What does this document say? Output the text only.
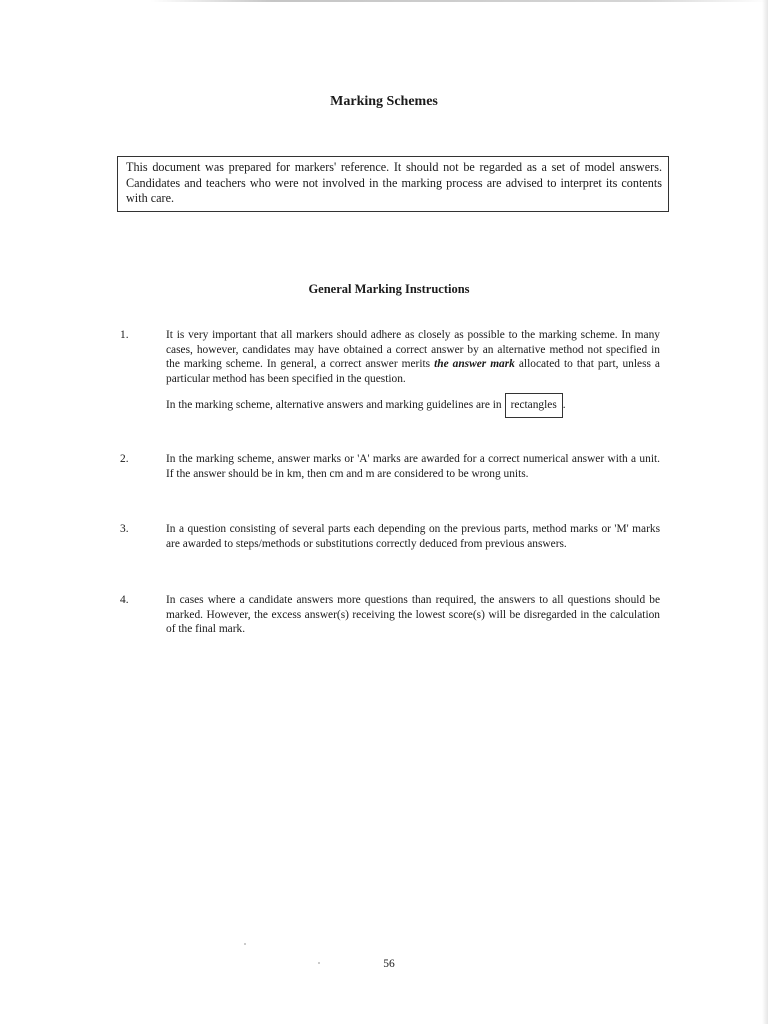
Marking Schemes
This document was prepared for markers' reference. It should not be regarded as a set of model answers. Candidates and teachers who were not involved in the marking process are advised to interpret its contents with care.
General Marking Instructions
1.	It is very important that all markers should adhere as closely as possible to the marking scheme. In many cases, however, candidates may have obtained a correct answer by an alternative method not specified in the marking scheme. In general, a correct answer merits the answer mark allocated to that part, unless a particular method has been specified in the question.

In the marking scheme, alternative answers and marking guidelines are in rectangles .

2.	In the marking scheme, answer marks or 'A' marks are awarded for a correct numerical answer with a unit. If the answer should be in km, then cm and m are considered to be wrong units.

3.	In a question consisting of several parts each depending on the previous parts, method marks or 'M' marks are awarded to steps/methods or substitutions correctly deduced from previous answers.

4.	In cases where a candidate answers more questions than required, the answers to all questions should be marked. However, the excess answer(s) receiving the lowest score(s) will be disregarded in the calculation of the final mark.

56
